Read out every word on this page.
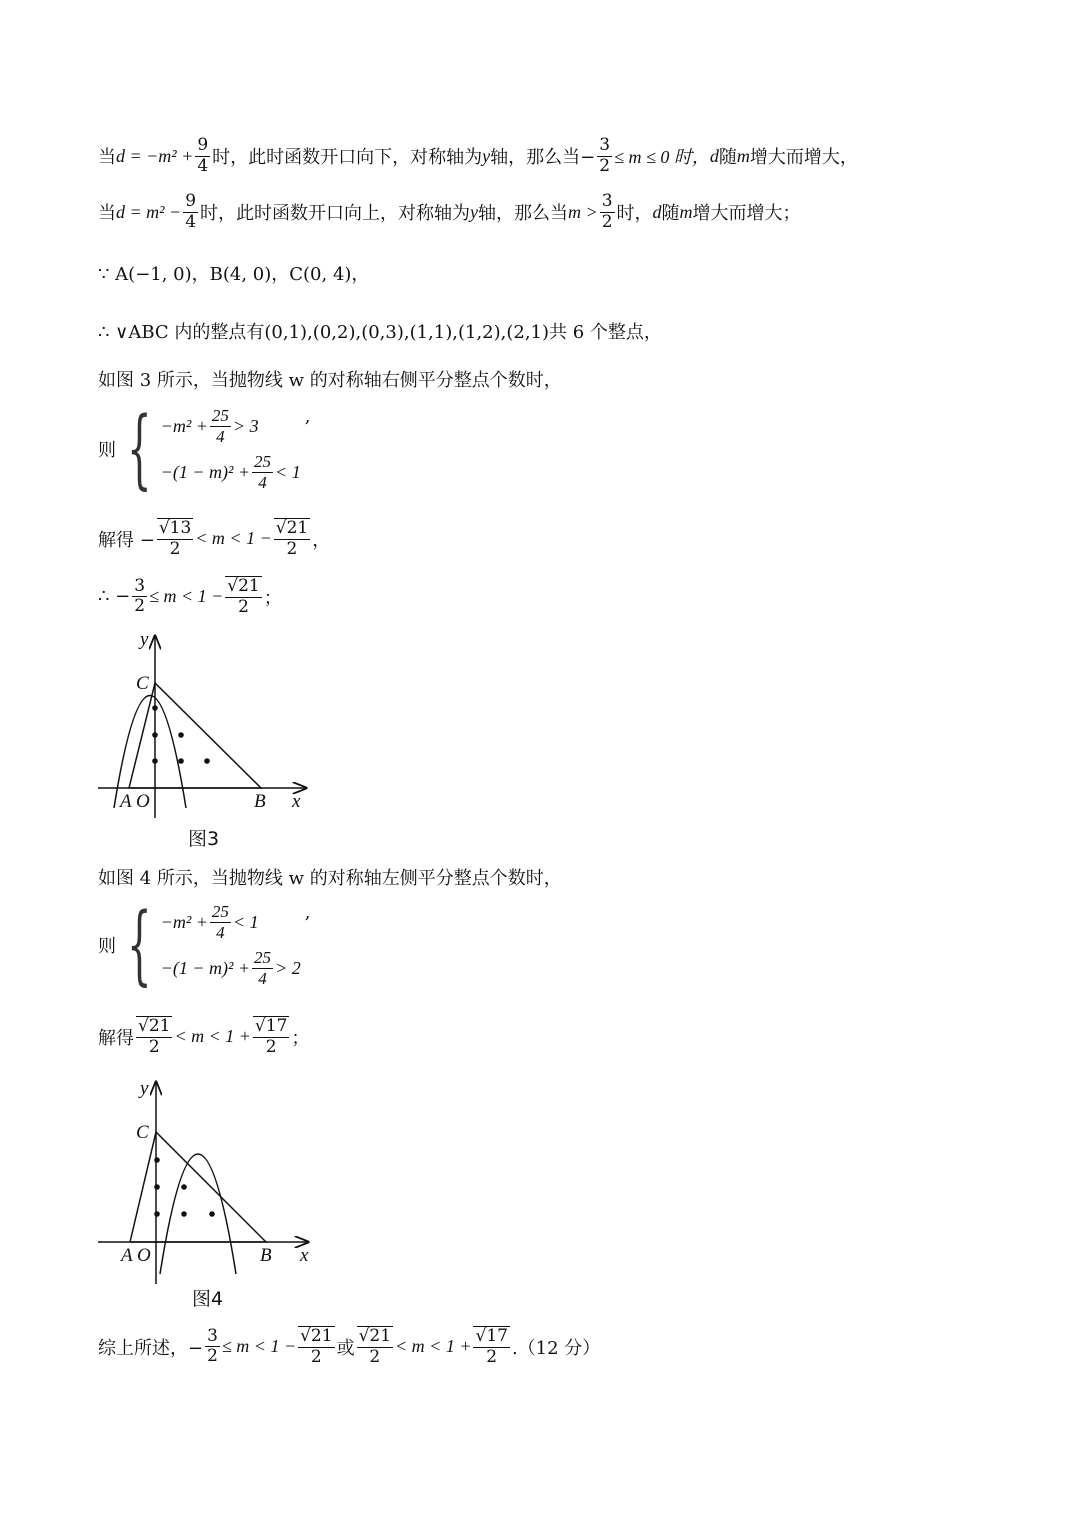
当 $d = -m^2 + \frac{9}{4}$ 时，此时函数开口向下，对称轴为 y 轴，那么当− $\frac{3}{2} \le m \le 0$ 时， d 随 m 增大而增大，
当 $d = m^2 - \frac{9}{4}$ 时，此时函数开口向上，对称轴为 y 轴，那么当 $m > \frac{3}{2}$ 时， d 随 m 增大而增大；
∵ A(−1, 0)，B(4, 0)，C(0, 4)，
∴ ∨ABC 内的整点有(0,1),(0,2),(0,3),(1,1),(1,2),(2,1)共 6 个整点，
如图 3 所示，当抛物线 w 的对称轴右侧平分整点个数时，
则 { $-m^2 + \frac{25}{4} > 3$
$-(1 - m)^2 + \frac{25}{4} < 1$
,
解得 − $\frac{√13}{2} < m < 1 - \frac{√21}{2}$ ，
∴ − $\frac{3}{2} \le m < 1 - \frac{√21}{2}$ ；
y
C
A O	B x
图3
如图 4 所示，当抛物线 w 的对称轴左侧平分整点个数时，
则 { $-m^2 + \frac{25}{4} < 1$
$-(1 - m)^2 + \frac{25}{4} > 2$
,
解得 $\frac{√21}{2} < m < 1 + \frac{√17}{2}$ ；
y
C
A O	B x
图4
综上所述，− $\frac{3}{2} \le m < 1 - \frac{√21}{2}$ 或 $\frac{√21}{2} < m < 1 + \frac{√17}{2} .(12$ 分）
